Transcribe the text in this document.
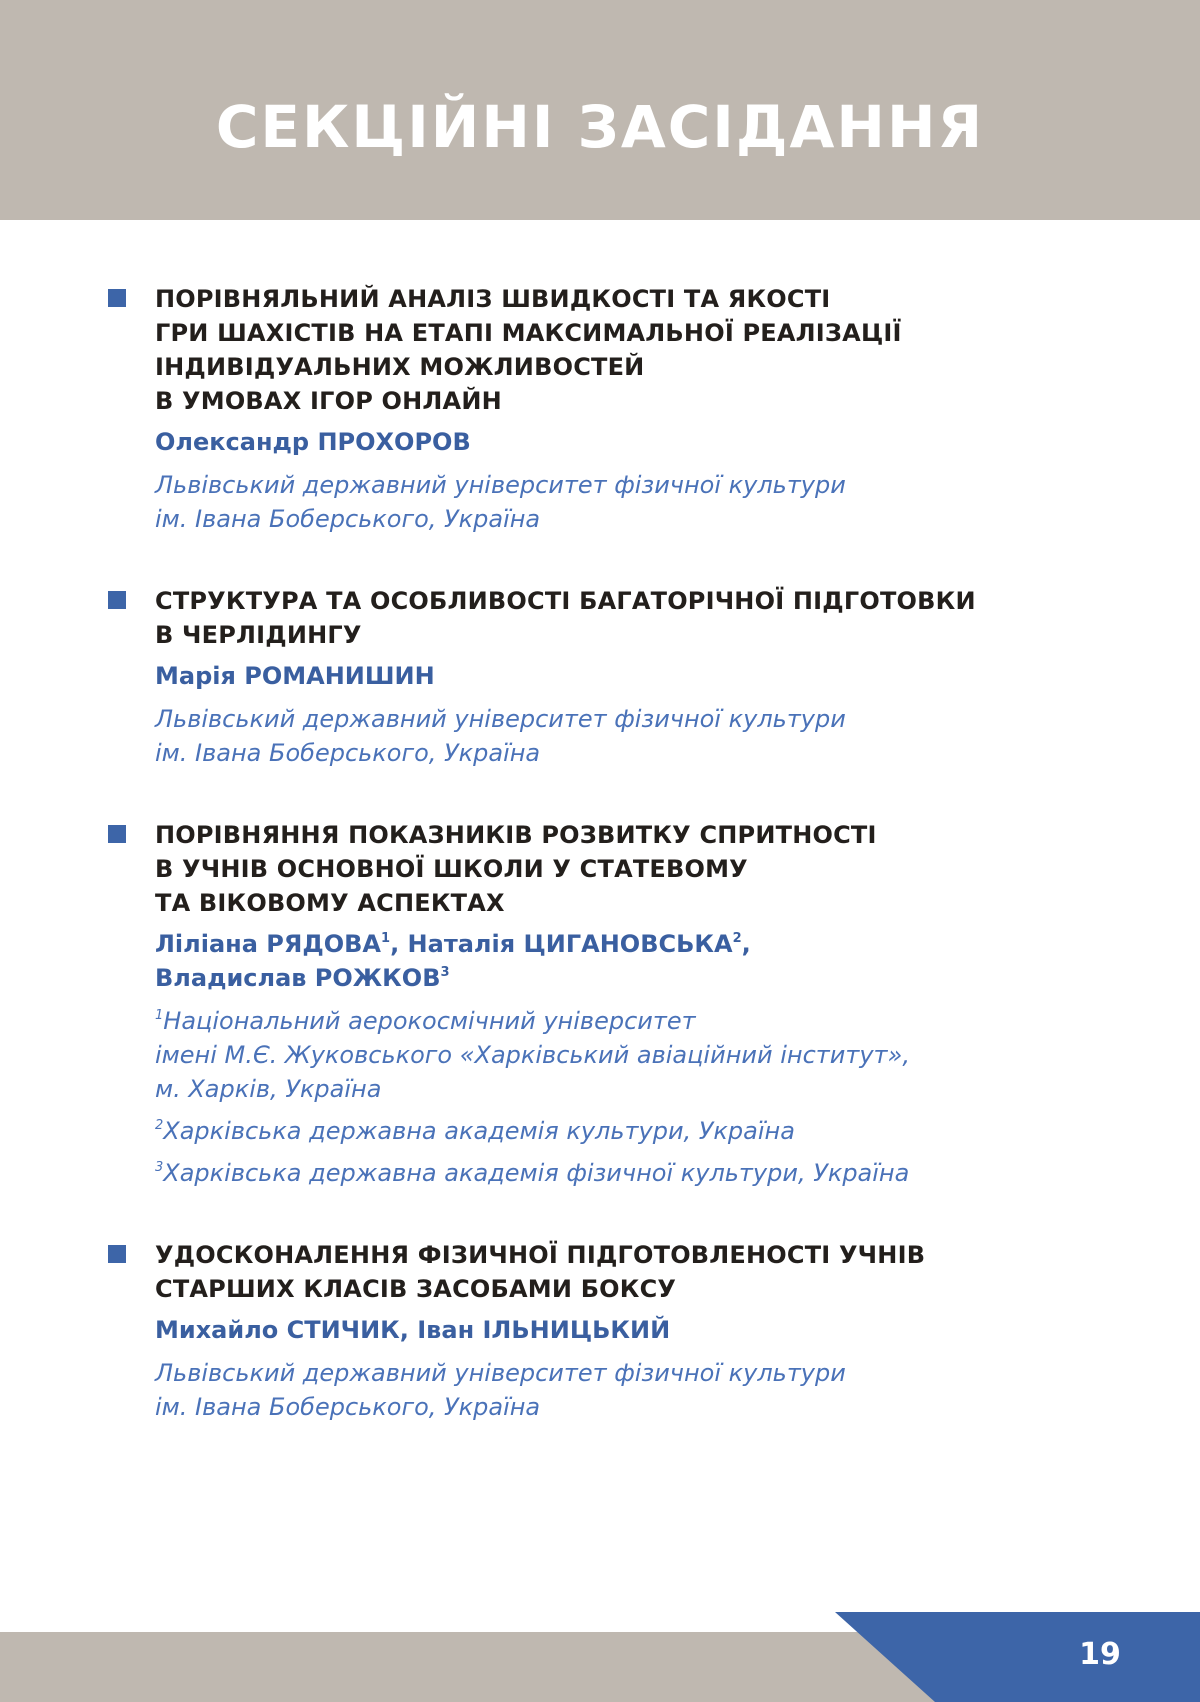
СЕКЦІЙНІ ЗАСІДАННЯ
ПОРІВНЯЛЬНИЙ АНАЛІЗ ШВИДКОСТІ ТА ЯКОСТІ
ГРИ ШАХІСТІВ НА ЕТАПІ МАКСИМАЛЬНОЇ РЕАЛІЗАЦІЇ
ІНДИВІДУАЛЬНИХ МОЖЛИВОСТЕЙ
В УМОВАХ ІГОР ОНЛАЙН
Олександр ПРОХОРОВ
Львівський державний університет фізичної культури
ім. Івана Боберського, Україна
СТРУКТУРА ТА ОСОБЛИВОСТІ БАГАТОРІЧНОЇ ПІДГОТОВКИ
В ЧЕРЛІДИНГУ
Марія РОМАНИШИН
Львівський державний університет фізичної культури
ім. Івана Боберського, Україна
ПОРІВНЯННЯ ПОКАЗНИКІВ РОЗВИТКУ СПРИТНОСТІ
В УЧНІВ ОСНОВНОЇ ШКОЛИ У СТАТЕВОМУ
ТА ВІКОВОМУ АСПЕКТАХ
Ліліана РЯДОВА$^1$, Наталія ЦИГАНОВСЬКА$^2$,
Владислав РОЖКОВ$^3$
$^1$Національний аерокосмічний університет
імені М.Є. Жуковського «Харківський авіаційний інститут»,
м. Харків, Україна
$^2$Харківська державна академія культури, Україна
$^3$Харківська державна академія фізичної культури, Україна
УДОСКОНАЛЕННЯ ФІЗИЧНОЇ ПІДГОТОВЛЕНОСТІ УЧНІВ
СТАРШИХ КЛАСІВ ЗАСОБАМИ БОКСУ
Михайло СТИЧИК, Іван ІЛЬНИЦЬКИЙ
Львівський державний університет фізичної культури
ім. Івана Боберського, Україна
19
